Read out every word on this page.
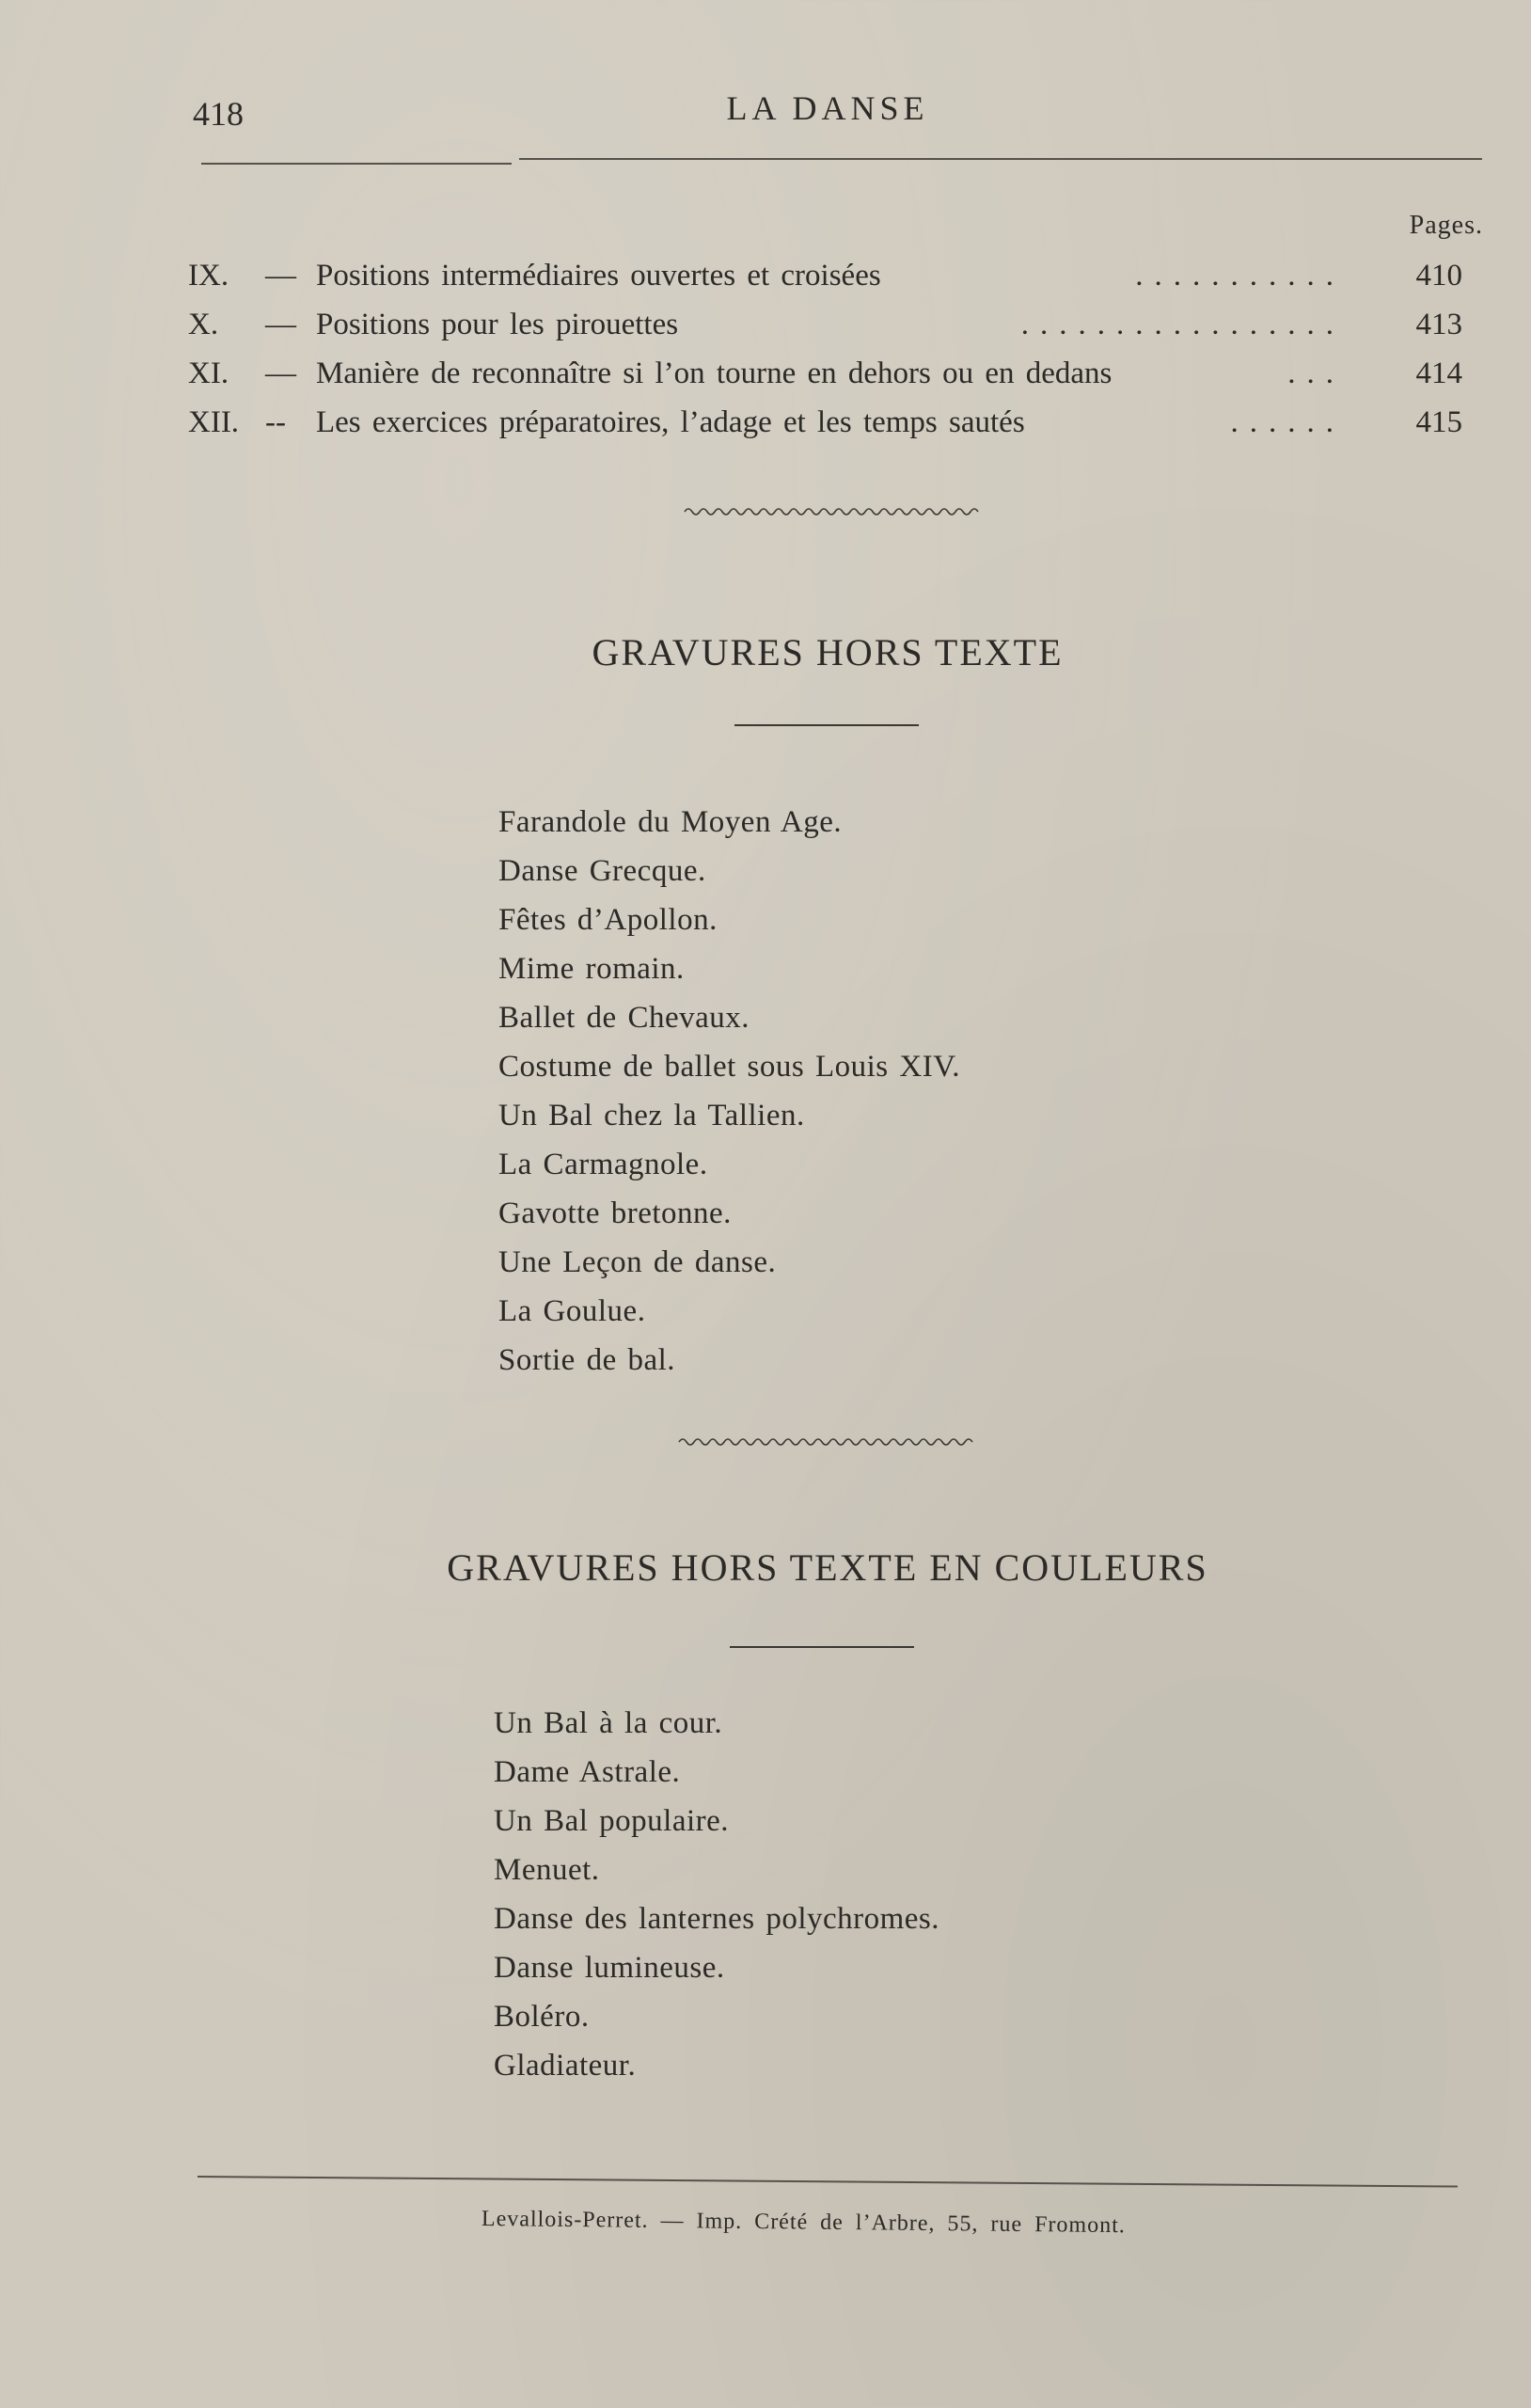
418	LA DANSE
Pages.
IX. — Positions intermédiaires ouvertes et croisées	........... 410
X. — Positions pour les pirouettes	................. 413
XI. — Manière de reconnaître si l’on tourne en dehors ou en dedans	... 414
XII. -- Les exercices préparatoires, l’adage et les temps sautés	...... 415
GRAVURES HORS TEXTE
Farandole du Moyen Age.
Danse Grecque.
Fêtes d’Apollon.
Mime romain.
Ballet de Chevaux.
Costume de ballet sous Louis XIV.
Un Bal chez la Tallien.
La Carmagnole.
Gavotte bretonne.
Une Leçon de danse.
La Goulue.
Sortie de bal.
GRAVURES HORS TEXTE EN COULEURS
Un Bal à la cour.
Dame Astrale.
Un Bal populaire.
Menuet.
Danse des lanternes polychromes.
Danse lumineuse.
Boléro.
Gladiateur.
Levallois-Perret. — Imp. Crété de l’Arbre, 55, rue Fromont.
